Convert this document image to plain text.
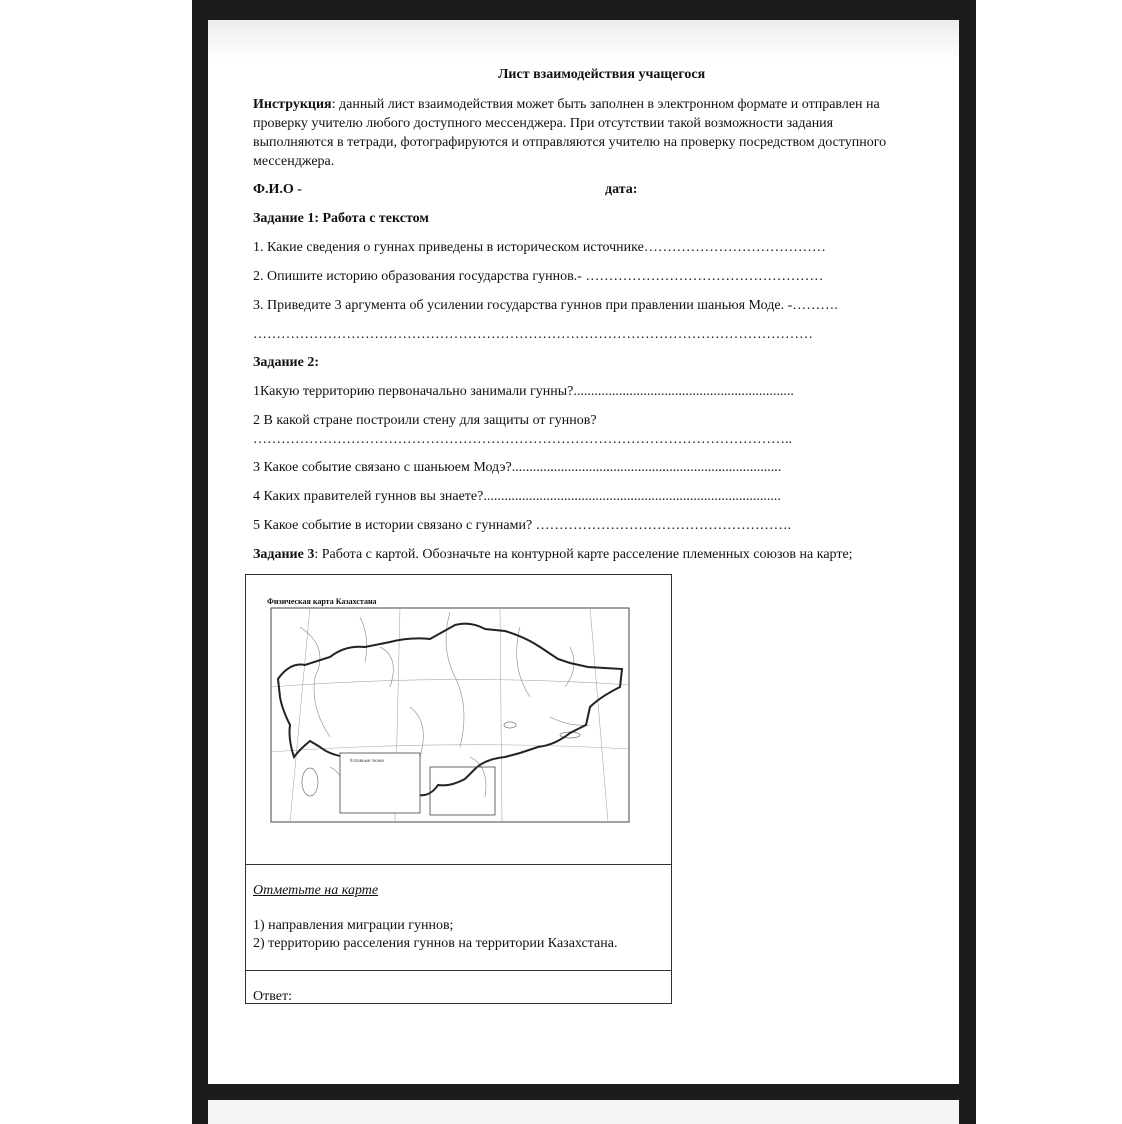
Лист взаимодействия учащегося
Инструкция: данный лист взаимодействия может быть заполнен в электронном формате и отправлен на проверку учителю любого доступного мессенджера. При отсутствии такой возможности задания выполняются в тетради, фотографируются и отправляются учителю на проверку посредством доступного мессенджера.
Ф.И.О -	дата:
Задание 1: Работа с текстом
1. Какие сведения о гуннах приведены в историческом источнике…………………………………
2. Опишите историю образования государства гуннов.- ……………………………………………
3. Приведите 3 аргумента об усилении государства гуннов при правлении шаньюя Моде. -……….
…………………………………………………………………………………………………………
Задание 2:
1Какую территорию первоначально занимали гунны?...............................................................
2 В какой стране построили стену для защиты от гуннов?
……………………………………………………………………………………………………..
3 Какое событие связано с шаньюем Модэ?.............................................................................
4 Каких правителей гуннов вы знаете?.....................................................................................
5 Какое событие в истории связано с гуннами? ……………………………………………….
Задание 3: Работа с картой. Обозначьте на контурной карте расселение племенных союзов на карте;
Физическая карта Казахстана
Условные знаки
Отметьте на карте
1) направления миграции гуннов;
2) территорию расселения гуннов на территории Казахстана.
Ответ:
